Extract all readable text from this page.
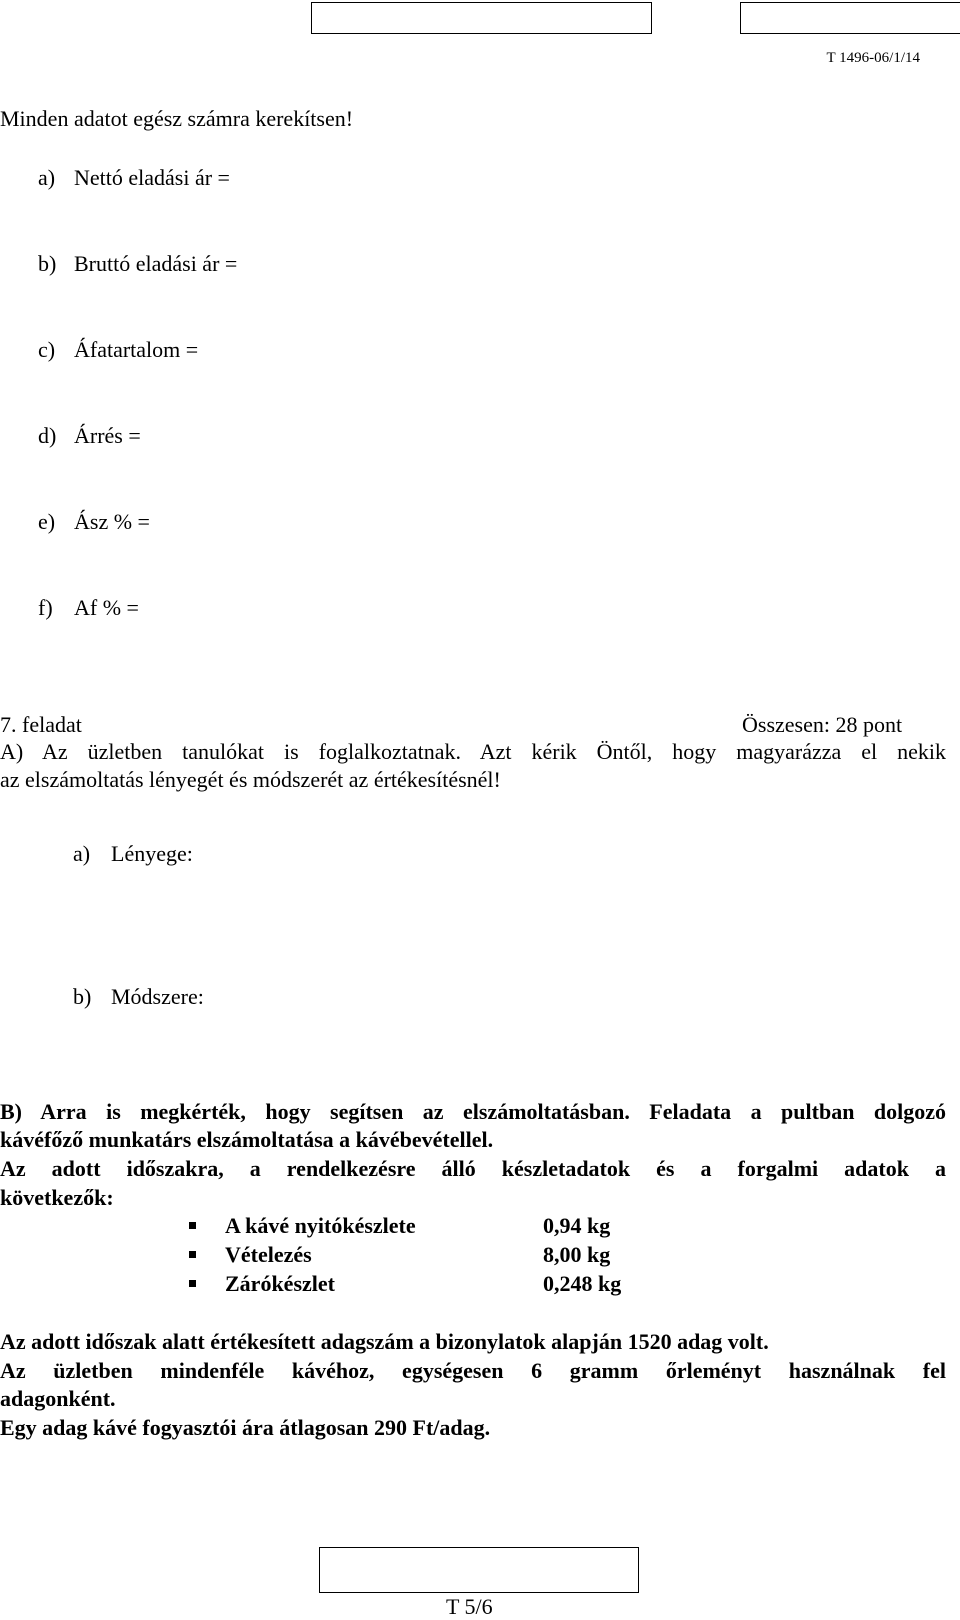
T 1496-06/1/14
Minden adatot egész számra kerekítsen!
a) Nettó eladási ár =
b) Bruttó eladási ár =
c) Áfatartalom =
d) Árrés =
e) Ász % =
f) Af % =
7. feladat	Összesen: 28 pont
A) Az üzletben tanulókat is foglalkoztatnak. Azt kérik Öntől, hogy magyarázza el nekik
az elszámoltatás lényegét és módszerét az értékesítésnél!
a) Lényege:
b) Módszere:
B) Arra is megkérték, hogy segítsen az elszámoltatásban. Feladata a pultban dolgozó
kávéfőző munkatárs elszámoltatása a kávébevétellel.
Az adott időszakra, a rendelkezésre álló készletadatok és a forgalmi adatok a
következők:
A kávé nyitókészlete	0,94 kg
Vételezés	8,00 kg
Zárókészlet	0,248 kg
Az adott időszak alatt értékesített adagszám a bizonylatok alapján 1520 adag volt.
Az üzletben mindenféle kávéhoz, egységesen 6 gramm őrleményt használnak fel
adagonként.
Egy adag kávé fogyasztói ára átlagosan 290 Ft/adag.
T 5/6
